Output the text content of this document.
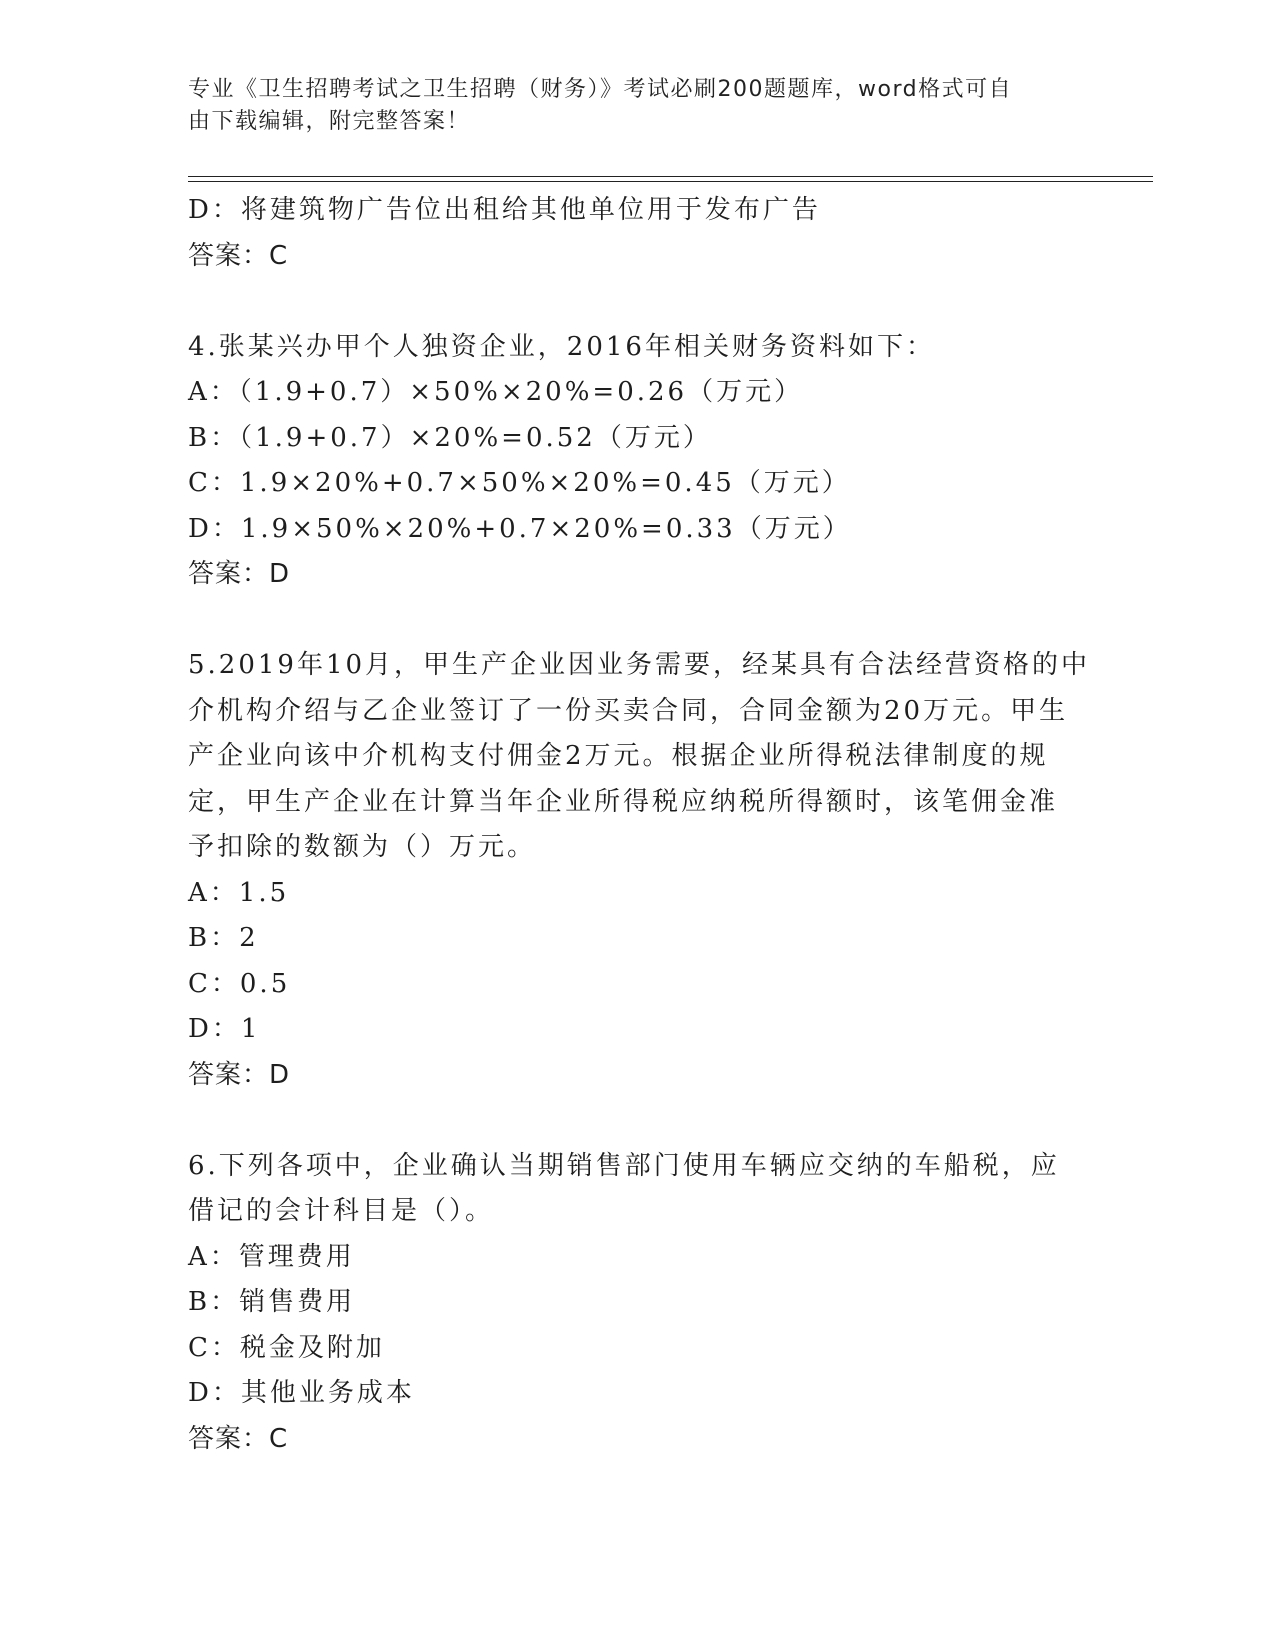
专业《卫生招聘考试之卫生招聘（财务）》考试必刷200题题库，word格式可自
由下载编辑，附完整答案！
D：将建筑物广告位出租给其他单位用于发布广告
答案：C
4.张某兴办甲个人独资企业，2016年相关财务资料如下：
A：（1.9+0.7）×50%×20%=0.26（万元）
B：（1.9+0.7）×20%=0.52（万元）
C：1.9×20%+0.7×50%×20%=0.45（万元）
D：1.9×50%×20%+0.7×20%=0.33（万元）
答案：D
5.2019年10月，甲生产企业因业务需要，经某具有合法经营资格的中
介机构介绍与乙企业签订了一份买卖合同，合同金额为20万元。甲生
产企业向该中介机构支付佣金2万元。根据企业所得税法律制度的规
定，甲生产企业在计算当年企业所得税应纳税所得额时，该笔佣金准
予扣除的数额为（）万元。
A：1.5
B：2
C：0.5
D：1
答案：D
6.下列各项中，企业确认当期销售部门使用车辆应交纳的车船税，应
借记的会计科目是（）。
A：管理费用
B：销售费用
C：税金及附加
D：其他业务成本
答案：C
